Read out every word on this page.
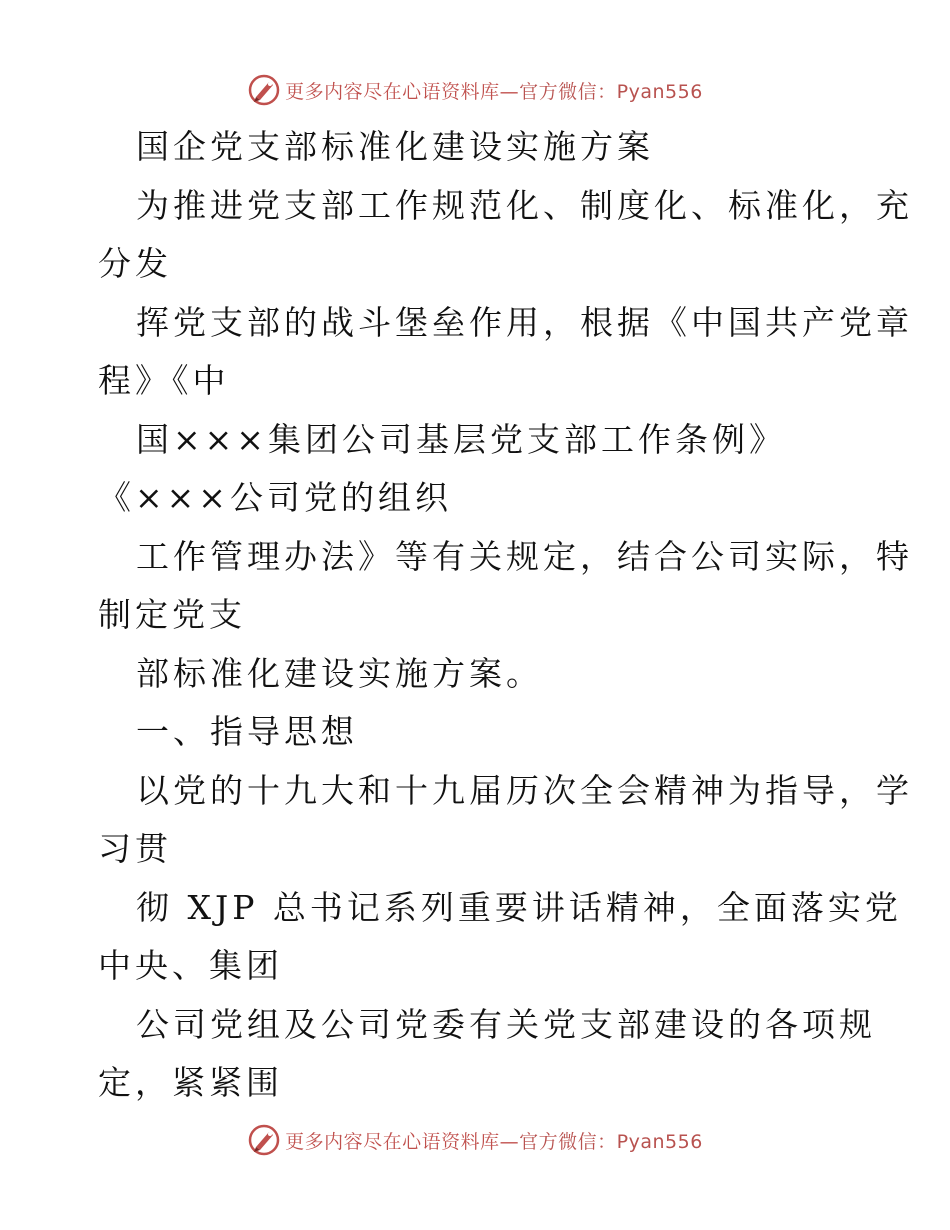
更多内容尽在心语资料库—官方微信：Pyan556
国企党支部标准化建设实施方案
为推进党支部工作规范化、制度化、标准化，充
分发
挥党支部的战斗堡垒作用，根据《中国共产党章
程》《中
国×××集团公司基层党支部工作条例》
《×××公司党的组织
工作管理办法》等有关规定，结合公司实际，特
制定党支
部标准化建设实施方案。
一、指导思想
以党的十九大和十九届历次全会精神为指导，学
习贯
彻 XJP 总书记系列重要讲话精神，全面落实党
中央、集团
公司党组及公司党委有关党支部建设的各项规
定，紧紧围
更多内容尽在心语资料库—官方微信：Pyan556
